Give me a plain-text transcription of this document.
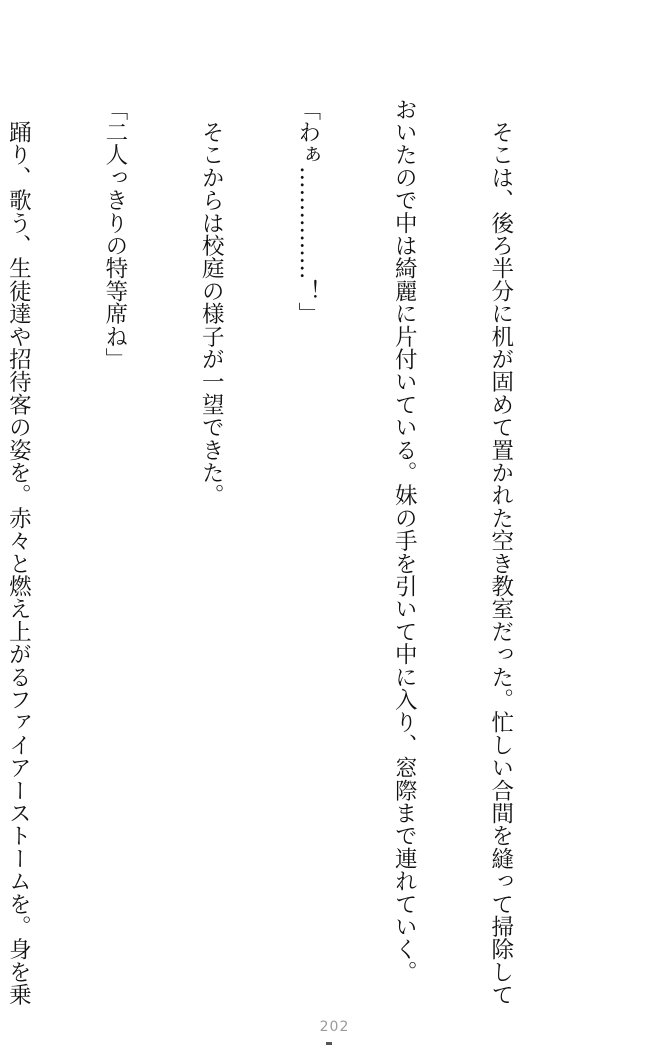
　そこは、後ろ半分に机が固めて置かれた空き教室だった。忙しい合間を縫って掃除して

おいたので中は綺麗に片付いている。妹の手を引いて中に入り、窓際まで連れていく。

「わぁ……………！」

　そこからは校庭の様子が一望できた。

「二人っきりの特等席ね」

　踊り、歌う、生徒達や招待客の姿を。赤々と燃え上がるファイアーストームを。身を乗

202
